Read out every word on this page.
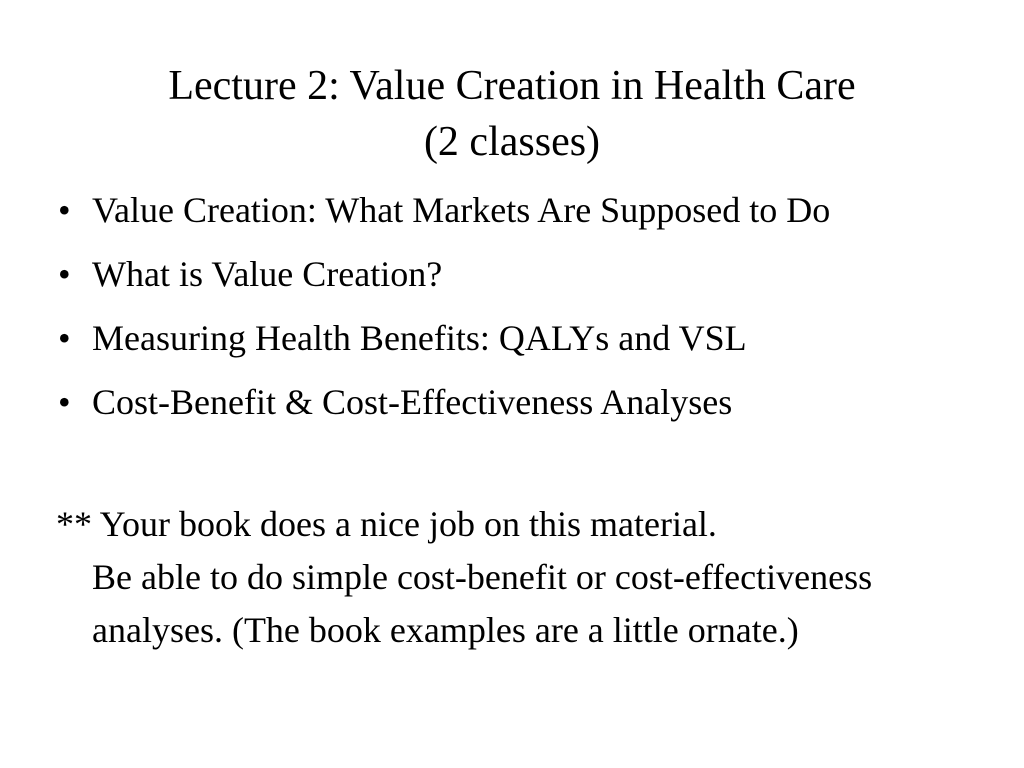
Lecture 2: Value Creation in Health Care
(2 classes)
• Value Creation: What Markets Are Supposed to Do
• What is Value Creation?
• Measuring Health Benefits: QALYs and VSL
• Cost-Benefit & Cost-Effectiveness Analyses
** Your book does a nice job on this material.
Be able to do simple cost-benefit or cost-effectiveness analyses. (The book examples are a little ornate.)
